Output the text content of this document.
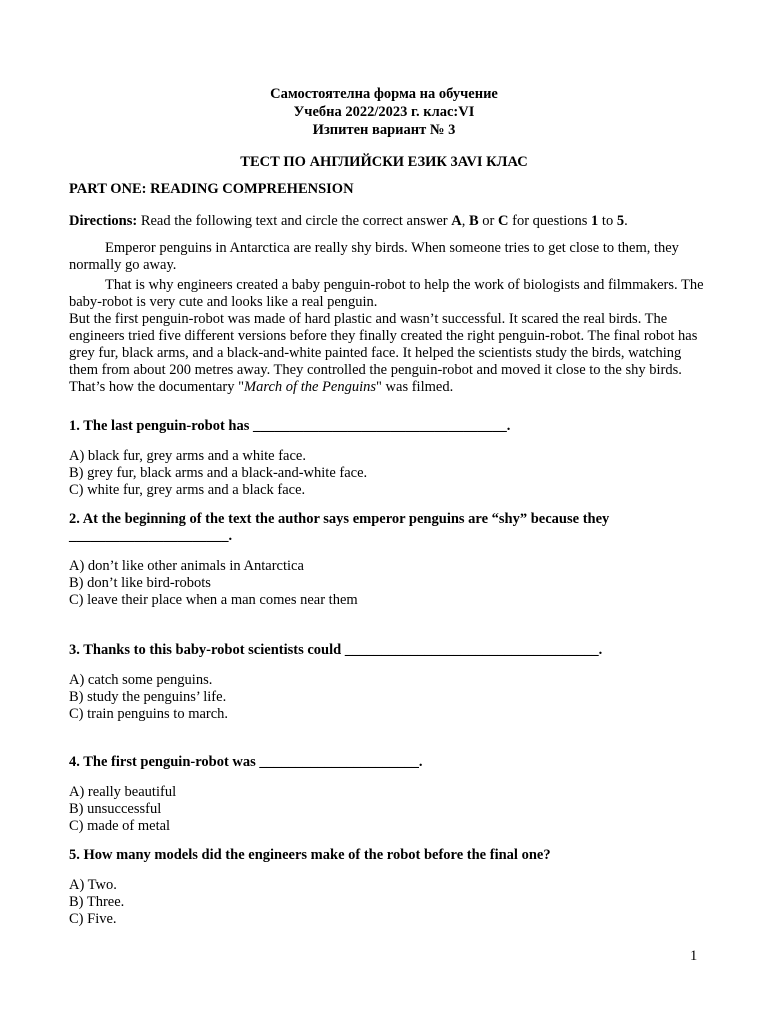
Самостоятелна форма на обучение
Учебна 2022/2023 г. клас:VI
Изпитен вариант № 3
ТЕСТ ПО АНГЛИЙСКИ ЕЗИК 3AVI КЛАС
PART ONE: READING COMPREHENSION
Directions: Read the following text and circle the correct answer A, B or C for questions 1 to 5.

Emperor penguins in Antarctica are really shy birds. When someone tries to get close to them, they normally go away.

That is why engineers created a baby penguin-robot to help the work of biologists and filmmakers. The baby-robot is very cute and looks like a real penguin.

But the first penguin-robot was made of hard plastic and wasn’t successful. It scared the real birds. The engineers tried five different versions before they finally created the right penguin-robot. The final robot has grey fur, black arms, and a black-and-white painted face. It helped the scientists study the birds, watching them from about 200 metres away. They controlled the penguin-robot and moved it close to the shy birds. That’s how the documentary "March of the Penguins" was filmed.

1. The last penguin-robot has ___________________________________.
A) black fur, grey arms and a white face.
B) grey fur, black arms and a black-and-white face.
C) white fur, grey arms and a black face.
2. At the beginning of the text the author says emperor penguins are “shy” because they ______________________.
A) don’t like other animals in Antarctica
B) don’t like bird-robots
C) leave their place when a man comes near them
3. Thanks to this baby-robot scientists could ___________________________________.
A) catch some penguins.
B) study the penguins’ life.
C) train penguins to march.
4. The first penguin-robot was ______________________.
A) really beautiful
B) unsuccessful
C) made of metal
5. How many models did the engineers make of the robot before the final one?
A) Two.
B) Three.
C) Five.
1
